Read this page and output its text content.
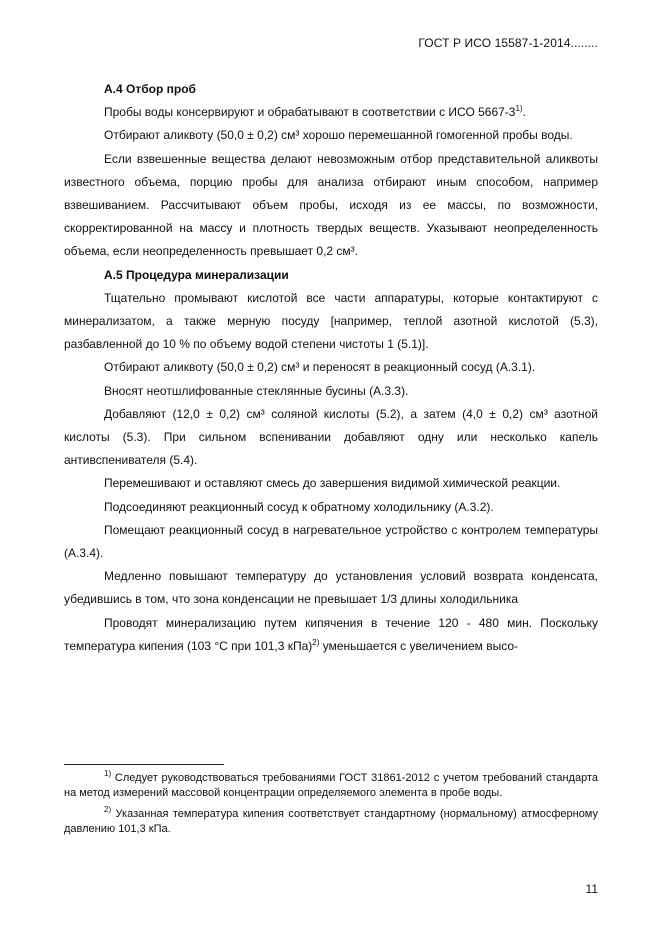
ГОСТ Р ИСО 15587-1-2014........
А.4 Отбор проб

Пробы воды консервируют и обрабатывают в соответствии с ИСО 5667-3$^{1)}$.

Отбирают аликвоту (50,0 ± 0,2) см³ хорошо перемешанной гомогенной пробы воды.

Если взвешенные вещества делают невозможным отбор представительной аликвоты известного объема, порцию пробы для анализа отбирают иным способом, например взвешиванием. Рассчитывают объем пробы, исходя из ее массы, по возможности, скорректированной на массу и плотность твердых веществ. Указывают неопределенность объема, если неопределенность превышает 0,2 см³.

А.5 Процедура минерализации

Тщательно промывают кислотой все части аппаратуры, которые контактируют с минерализатом, а также мерную посуду [например, теплой азотной кислотой (5.3), разбавленной до 10 % по объему водой степени чистоты 1 (5.1)].

Отбирают аликвоту (50,0 ± 0,2) см³ и переносят в реакционный сосуд (А.3.1).

Вносят неотшлифованные стеклянные бусины (А.3.3).

Добавляют (12,0 ± 0,2) см³ соляной кислоты (5.2), а затем (4,0 ± 0,2) см³ азотной кислоты (5.3). При сильном вспенивании добавляют одну или несколько капель антивспенивателя (5.4).

Перемешивают и оставляют смесь до завершения видимой химической реакции.

Подсоединяют реакционный сосуд к обратному холодильнику (А.3.2).

Помещают реакционный сосуд в нагревательное устройство с контролем температуры (А.3.4).

Медленно повышают температуру до установления условий возврата конденсата, убедившись в том, что зона конденсации не превышает 1/3 длины холодильника

Проводят минерализацию путем кипячения в течение 120 - 480 мин. Поскольку температура кипения (103 °С при 101,3 кПа)$^{2)}$ уменьшается с увеличением высо-

$^{1)}$ Следует руководствоваться требованиями ГОСТ 31861-2012 с учетом требований стандарта на метод измерений массовой концентрации определяемого элемента в пробе воды.

$^{2)}$ Указанная температура кипения соответствует стандартному (нормальному) атмосферному давлению 101,3 кПа.

11
